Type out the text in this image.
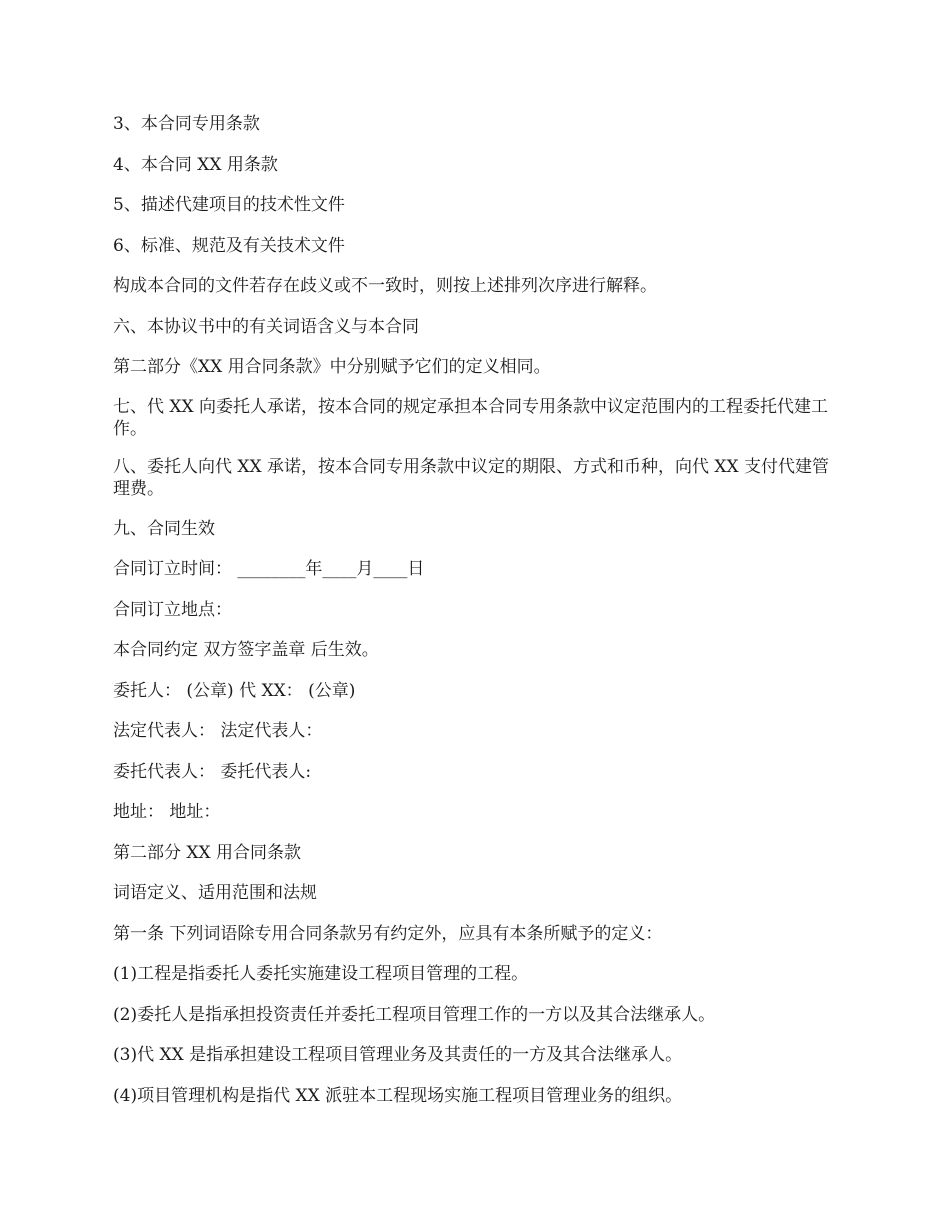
3、本合同专用条款

4、本合同 XX 用条款

5、描述代建项目的技术性文件

6、标准、规范及有关技术文件

构成本合同的文件若存在歧义或不一致时，则按上述排列次序进行解释。

六、本协议书中的有关词语含义与本合同

第二部分《XX 用合同条款》中分别赋予它们的定义相同。

七、代 XX 向委托人承诺，按本合同的规定承担本合同专用条款中议定范围内的工程委托代建工作。

八、委托人向代 XX 承诺，按本合同专用条款中议定的期限、方式和币种，向代 XX 支付代建管理费。

九、合同生效

合同订立时间： ________年____月____日

合同订立地点：

本合同约定 双方签字盖章 后生效。

委托人： (公章) 代 XX： (公章)

法定代表人： 法定代表人：

委托代表人： 委托代表人:

地址： 地址：

第二部分 XX 用合同条款

词语定义、适用范围和法规

第一条 下列词语除专用合同条款另有约定外，应具有本条所赋予的定义：

(1)工程是指委托人委托实施建设工程项目管理的工程。

(2)委托人是指承担投资责任并委托工程项目管理工作的一方以及其合法继承人。

(3)代 XX 是指承担建设工程项目管理业务及其责任的一方及其合法继承人。

(4)项目管理机构是指代 XX 派驻本工程现场实施工程项目管理业务的组织。
